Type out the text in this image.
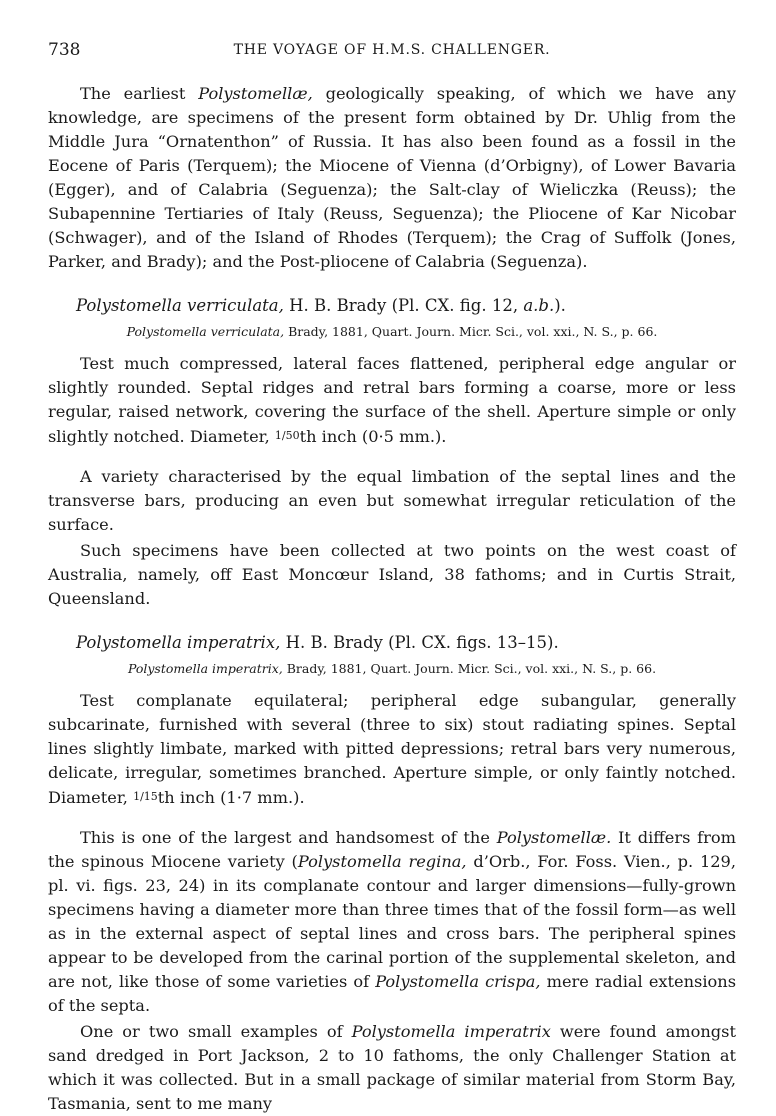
738	THE VOYAGE OF H.M.S. CHALLENGER.

The earliest Polystomellæ, geologically speaking, of which we have any knowledge, are specimens of the present form obtained by Dr. Uhlig from the Middle Jura “Ornatenthon” of Russia. It has also been found as a fossil in the Eocene of Paris (Terquem); the Miocene of Vienna (d’Orbigny), of Lower Bavaria (Egger), and of Calabria (Seguenza); the Salt-clay of Wieliczka (Reuss); the Subapennine Tertiaries of Italy (Reuss, Seguenza); the Pliocene of Kar Nicobar (Schwager), and of the Island of Rhodes (Terquem); the Crag of Suffolk (Jones, Parker, and Brady); and the Post-pliocene of Calabria (Seguenza).

Polystomella verriculata, H. B. Brady (Pl. CX. fig. 12, a.b.).
Polystomella verriculata, Brady, 1881, Quart. Journ. Micr. Sci., vol. xxi., N. S., p. 66.

Test much compressed, lateral faces flattened, peripheral edge angular or slightly rounded. Septal ridges and retral bars forming a coarse, more or less regular, raised network, covering the surface of the shell. Aperture simple or only slightly notched. Diameter, 1/50th inch (0·5 mm.).

A variety characterised by the equal limbation of the septal lines and the transverse bars, producing an even but somewhat irregular reticulation of the surface.

Such specimens have been collected at two points on the west coast of Australia, namely, off East Moncœur Island, 38 fathoms; and in Curtis Strait, Queensland.

Polystomella imperatrix, H. B. Brady (Pl. CX. figs. 13–15).
Polystomella imperatrix, Brady, 1881, Quart. Journ. Micr. Sci., vol. xxi., N. S., p. 66.

Test complanate equilateral; peripheral edge subangular, generally subcarinate, furnished with several (three to six) stout radiating spines. Septal lines slightly limbate, marked with pitted depressions; retral bars very numerous, delicate, irregular, sometimes branched. Aperture simple, or only faintly notched. Diameter, 1/15th inch (1·7 mm.).

This is one of the largest and handsomest of the Polystomellæ. It differs from the spinous Miocene variety (Polystomella regina, d’Orb., For. Foss. Vien., p. 129, pl. vi. figs. 23, 24) in its complanate contour and larger dimensions—fully-grown specimens having a diameter more than three times that of the fossil form—as well as in the external aspect of septal lines and cross bars. The peripheral spines appear to be developed from the carinal portion of the supplemental skeleton, and are not, like those of some varieties of Polystomella crispa, mere radial extensions of the septa.

One or two small examples of Polystomella imperatrix were found amongst sand dredged in Port Jackson, 2 to 10 fathoms, the only Challenger Station at which it was collected. But in a small package of similar material from Storm Bay, Tasmania, sent to me many
